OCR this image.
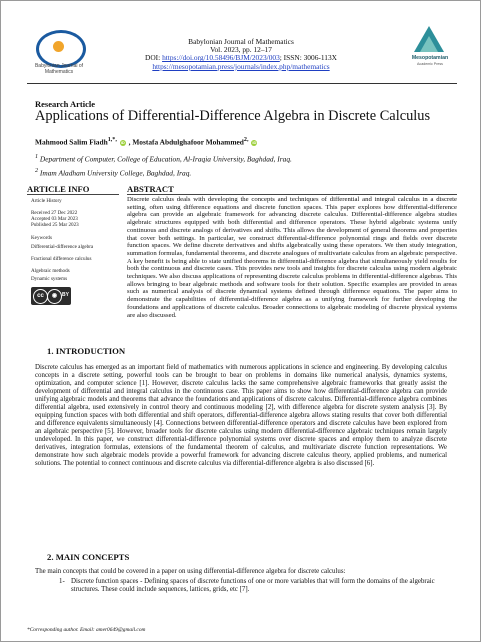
Babylonian Journal of Mathematics
Babylonian Journal of Mathematics
Vol. 2023, pp. 12–17
DOI: https://doi.org/10.58496/BJM/2023/003; ISSN: 3006-113X
https://mesopotamian.press/journals/index.php/mathematics
Mesopotamian
Academic Press
Research Article
Applications of Differential-Difference Algebra in Discrete Calculus
Mahmood Salim Fiadh$^{1,*,}$ iD , Mostafa Abdulghafoor Mohammed$^{2,}$ iD
$^1$ Department of Computer, College of Education, Al-Iraqia University, Baghdad, Iraq.
$^2$ Imam Aladham University College, Baghdad, Iraq.
ARTICLE INFO
Article History
Received 27 Dec 2022
Accepted 03 Mar 2023
Published 25 Mar 2023
Keywords
Differential-difference algebra
Fractional difference calculus
Algebraic methods
Dynamic systems
cc	◉ BY
ABSTRACT
Discrete calculus deals with developing the concepts and techniques of differential and integral calculus in a discrete setting, often using difference equations and discrete function spaces. This paper explores how differential-difference algebra can provide an algebraic framework for advancing discrete calculus. Differential-difference algebra studies algebraic structures equipped with both differential and difference operators. These hybrid algebraic systems unify continuous and discrete analogs of derivatives and shifts. This allows the development of general theorems and properties that cover both settings. In particular, we construct differential-difference polynomial rings and fields over discrete function spaces. We define discrete derivatives and shifts algebraically using these operators. We then study integration, summation formulas, fundamental theorems, and discrete analogues of multivariate calculus from an algebraic perspective. A key benefit is being able to state unified theorems in differential-difference algebra that simultaneously yield results for both the continuous and discrete cases. This provides new tools and insights for discrete calculus using modern algebraic techniques. We also discuss applications of representing discrete calculus problems in differential-difference algebras. This allows bringing to bear algebraic methods and software tools for their solution. Specific examples are provided in areas such as numerical analysis of discrete dynamical systems defined through difference equations. The paper aims to demonstrate the capabilities of differential-difference algebra as a unifying framework for further developing the foundations and applications of discrete calculus. Broader connections to algebraic modeling of discrete physical systems are also discussed.
1. INTRODUCTION
Discrete calculus has emerged as an important field of mathematics with numerous applications in science and engineering. By developing calculus concepts in a discrete setting, powerful tools can be brought to bear on problems in domains like numerical analysis, dynamics systems, optimization, and computer science [1]. However, discrete calculus lacks the same comprehensive algebraic frameworks that greatly assist the development of differential and integral calculus in the continuous case. This paper aims to show how differential-difference algebra can provide unifying algebraic models and theorems that advance the foundations and applications of discrete calculus. Differential-difference algebra combines differential algebra, used extensively in control theory and continuous modeling [2], with difference algebra for discrete system analysis [3]. By equipping function spaces with both differential and shift operators, differential-difference algebra allows stating results that cover both differential and difference equivalents simultaneously [4]. Connections between differential-difference operators and discrete calculus have been explored from an algebraic perspective [5]. However, broader tools for discrete calculus using modern differential-difference algebraic techniques remain largely undeveloped. In this paper, we construct differential-difference polynomial systems over discrete spaces and employ them to analyze discrete derivatives, integration formulas, extensions of the fundamental theorem of calculus, and multivariate discrete function representations. We demonstrate how such algebraic models provide a powerful framework for advancing discrete calculus theory, applied problems, and numerical solutions. The potential to connect continuous and discrete calculus via differential-difference algebra is also discussed [6].
2. MAIN CONCEPTS
The main concepts that could be covered in a paper on using differential-difference algebra for discrete calculus:
1- Discrete function spaces - Defining spaces of discrete functions of one or more variables that will form the domains of the algebraic structures. These could include sequences, lattices, grids, etc [7].
*Corresponding author. Email: amer0649@gmail.com
